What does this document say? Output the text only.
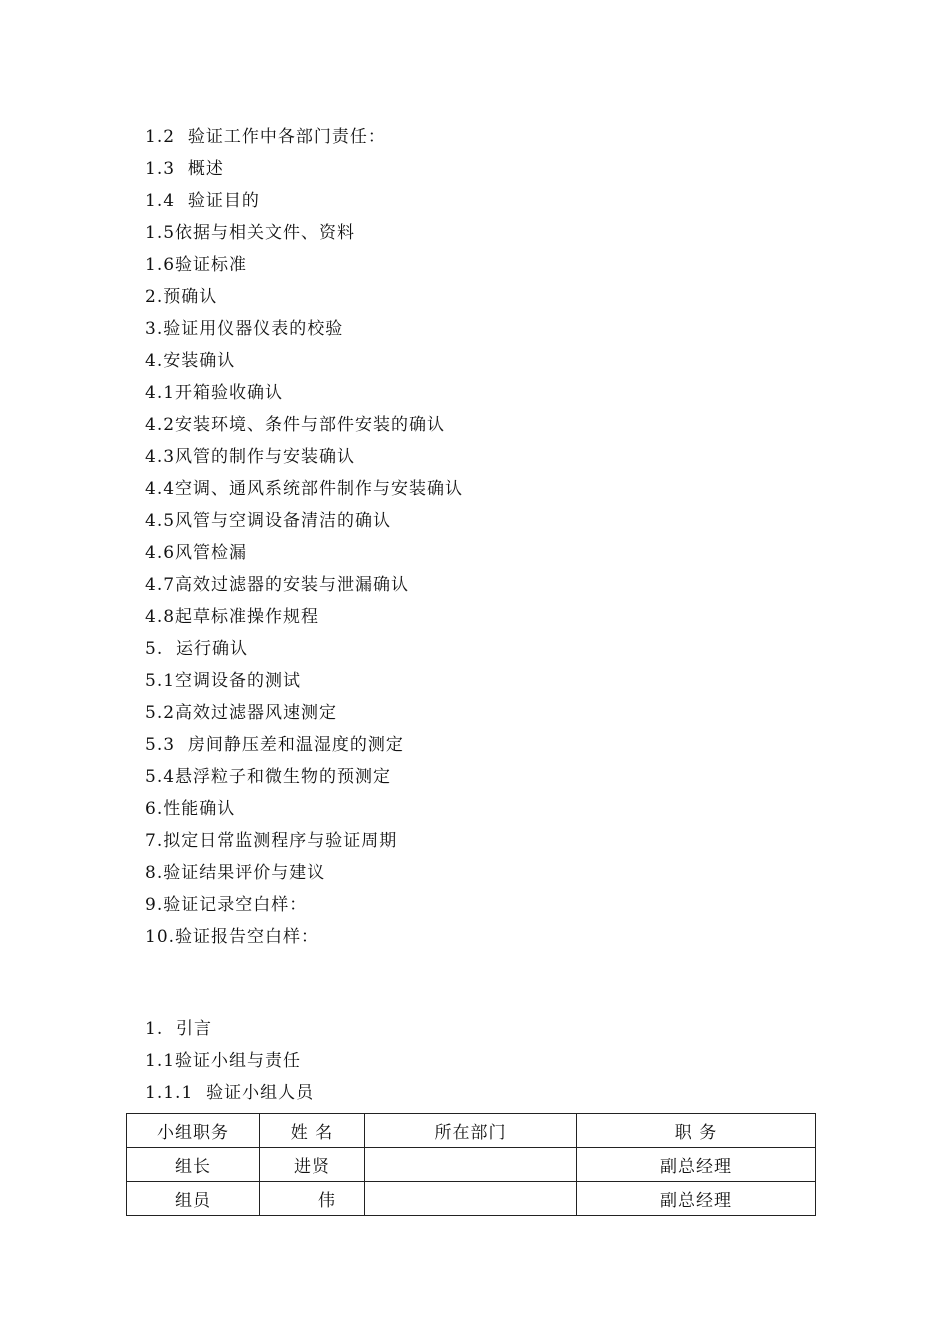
1.2  验证工作中各部门责任：
1.3  概述
1.4  验证目的
1.5依据与相关文件、资料
1.6验证标准
2.预确认
3.验证用仪器仪表的校验
4.安装确认
4.1开箱验收确认
4.2安装环境、条件与部件安装的确认
4.3风管的制作与安装确认
4.4空调、通风系统部件制作与安装确认
4.5风管与空调设备清洁的确认
4.6风管检漏
4.7高效过滤器的安装与泄漏确认
4.8起草标准操作规程
5.  运行确认
5.1空调设备的测试
5.2高效过滤器风速测定
5.3  房间静压差和温湿度的测定
5.4悬浮粒子和微生物的预测定
6.性能确认
7.拟定日常监测程序与验证周期
8.验证结果评价与建议
9.验证记录空白样：
10.验证报告空白样：
1.  引言
1.1验证小组与责任
1.1.1  验证小组人员
小组职务	姓 名	所在部门	职 务
组长	进贤		副总经理
组员	伟		副总经理
